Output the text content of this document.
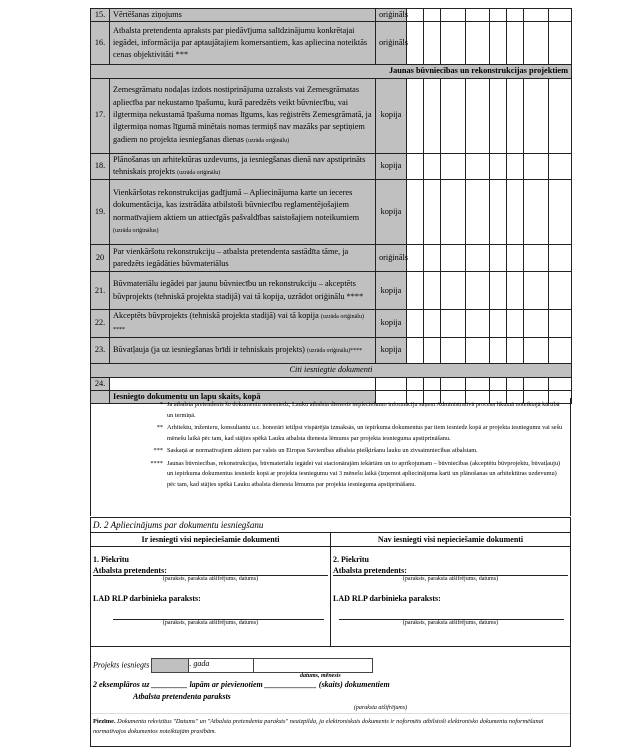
15.	Vērtēšanas ziņojums	oriģināls								
16.	Atbalsta pretendenta apraksts par piedāvījuma salīdzinājumu konkrētajai iegādei, informācija par aptaujātajiem komersantiem, kas apliecina noteiktās cenas objektivitāti ***	oriģināls								
Jaunas būvniecības un rekonstrukcijas projektiem										
17.	Zemesgrāmatu nodaļas izdots nostiprinājuma uzraksts vai Zemesgrāmatas apliecība par nekustamo īpašumu, kurā paredzēts veikt būvniecību, vai ilgtermiņa nekustamā īpašuma nomas līgums, kas reģistrēts Zemesgrāmatā, ja ilgtermiņa nomas līgumā minētais nomas termiņš nav mazāks par septiņiem gadiem no projekta iesniegšanas dienas (uzrāda oriģinālu)	kopija								
18.	Plānošanas un arhitektūras uzdevums, ja iesniegšanas dienā nav apstiprināts tehniskais projekts (uzrāda oriģinālu)	kopija								
19.	Vienkāršotas rekonstrukcijas gadījumā – Apliecinājuma karte un ieceres dokumentācija, kas izstrādāta atbilstoši būvniecību reglamentējošajiem normatīvajiem aktiem un attiecīgās pašvaldības saistošajiem noteikumiem (uzrāda oriģinālus)	kopija								
20	Par vienkāršotu rekonstrukciju – atbalsta pretendenta sastādīta tāme, ja paredzēts iegādāties būvmateriālus	oriģināls								
21.	Būvmateriālu iegādei par jaunu būvniecību un rekonstrukciju – akceptēts būvprojekts (tehniskā projekta stadijā) vai tā kopija, uzrādot oriģinālu ****	kopija								
22.	Akceptēts būvprojekts (tehniskā projekta stadijā) vai tā kopija (uzrāda oriģinālu) ****	kopija								
23.	Būvatļauja (ja uz iesniegšanas brīdi ir tehniskais projekts) (uzrāda oriģinālu)****	kopija								
Citi iesniegtie dokumenti										
24.										
	Iesniegto dokumentu un lapu skaits, kopā									
* Ja atbalsta pretendents šo dokumentu neiesniedz, Lauku atbalsta dienests nepieciešamo informāciju saņem Administratīvā procesa likumā noteiktajā kārtībā un termiņā.
** Arhitektu, inženieru, konsultantu u.c. honorāri ietilpst vispārējās izmaksās, un iepirkuma dokumentus par tiem iesniedz kopā ar projekta iesniegumu vai sešu mēnešu laikā pēc tam, kad stājies spēkā Lauku atbalsta dienesta lēmums par projekta iesnieguma apstiprināšanu.
*** Saskaņā ar normatīvajiem aktiem par valsts un Eiropas Savienības atbalsta piešķiršanu lauku un zivsaimniecības atbalstam.
**** Jaunas būvniecības, rekonstrukcijas, būvmateriālu iegādei vai stacionārajām iekārtām un to aprīkojumam – būvniecības (akceptētu būvprojektu, būvatļauju) un iepirkuma dokumentus iesniedz kopā ar projekta iesniegumu vai 3 mēnešu laikā (izņemot apliecinājuma karti un plānošanas un arhitektūras uzdevumu) pēc tam, kad stājies spēkā Lauku atbalsta dienesta lēmums par projekta iesnieguma apstiprināšanu.
D. 2 Apliecinājums par dokumentu iesniegšanu
Ir iesniegti visi nepieciešamie dokumenti
1. Piekrītu
Atbalsta pretendents:
(paraksts, paraksta atšifrējums, datums)
LAD RLP darbinieka paraksts:
(paraksts, paraksta atšifrējums, datums)
Nav iesniegti visi nepieciešamie dokumenti
2. Piekrītu
Atbalsta pretendents:
(paraksts, paraksta atšifrējums, datums)
LAD RLP darbinieka paraksts:
(paraksts, paraksta atšifrējums, datums)
Projekts iesniegts	. gada
datums, mēnesis
2 eksemplāros uz _________ lapām ar pievienotiem _____________ (skaits) dokumentiem
Atbalsta pretendenta paraksts
(paraksta atšifrējums)
Piezīme. Dokumenta rekvizītus "Datums" un "Atbalsta pretendenta paraksts" neaizpilda, ja elektroniskais dokuments ir noformēts atbilstoši elektronisko dokumentu noformēšanai normatīvajos dokumentos noteiktajām prasībām.
